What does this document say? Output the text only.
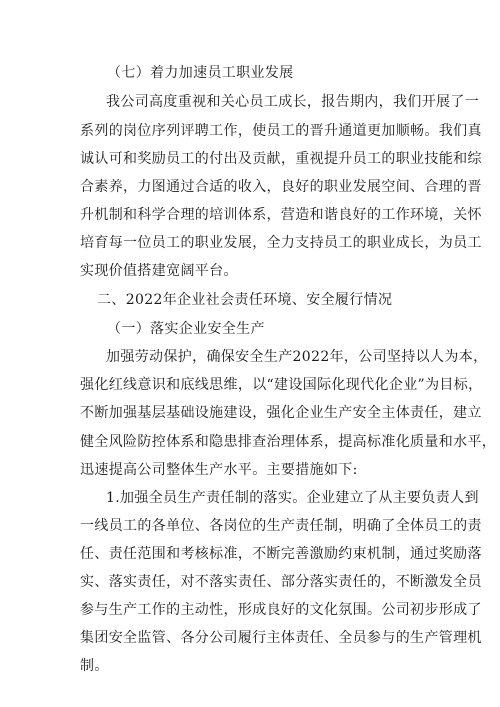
（七）着力加速员工职业发展
我公司高度重视和关心员工成长，报告期内，我们开展了一
系列的岗位序列评聘工作，使员工的晋升通道更加顺畅。我们真
诚认可和奖励员工的付出及贡献，重视提升员工的职业技能和综
合素养，力图通过合适的收入，良好的职业发展空间、合理的晋
升机制和科学合理的培训体系，营造和谐良好的工作环境，关怀
培育每一位员工的职业发展，全力支持员工的职业成长，为员工
实现价值搭建宽阔平台。
二、2022年企业社会责任环境、安全履行情况
（一）落实企业安全生产
加强劳动保护，确保安全生产2022年，公司坚持以人为本，
强化红线意识和底线思维，以“建设国际化现代化企业”为目标，
不断加强基层基础设施建设，强化企业生产安全主体责任，建立
健全风险防控体系和隐患排查治理体系，提高标准化质量和水平，
迅速提高公司整体生产水平。主要措施如下:
1.加强全员生产责任制的落实。企业建立了从主要负责人到
一线员工的各单位、各岗位的生产责任制，明确了全体员工的责
任、责任范围和考核标准，不断完善激励约束机制，通过奖励落
实、落实责任，对不落实责任、部分落实责任的，不断激发全员
参与生产工作的主动性，形成良好的文化氛围。公司初步形成了
集团安全监管、各分公司履行主体责任、全员参与的生产管理机
制。
